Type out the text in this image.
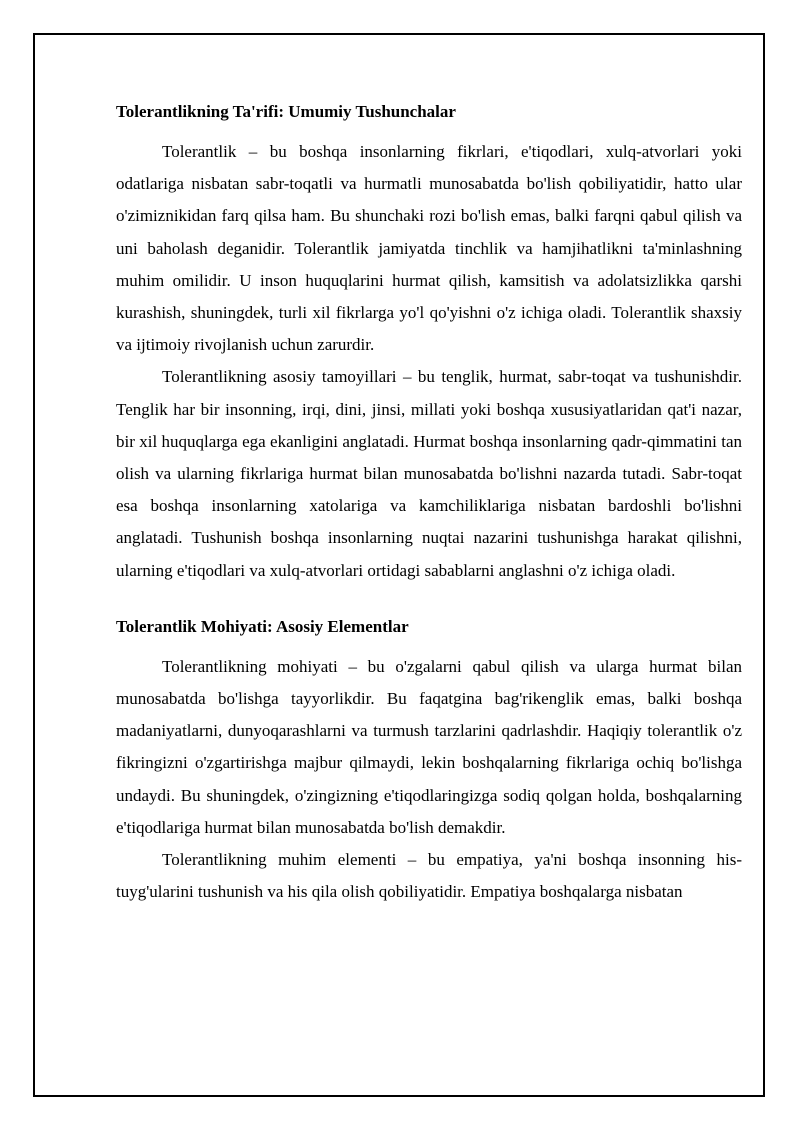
Tolerantlikning Ta'rifi: Umumiy Tushunchalar

Tolerantlik – bu boshqa insonlarning fikrlari, e'tiqodlari, xulq-atvorlari yoki odatlariga nisbatan sabr-toqatli va hurmatli munosabatda bo'lish qobiliyatidir, hatto ular o'zimiznikidan farq qilsa ham. Bu shunchaki rozi bo'lish emas, balki farqni qabul qilish va uni baholash deganidir. Tolerantlik jamiyatda tinchlik va hamjihatlikni ta'minlashning muhim omilidir. U inson huquqlarini hurmat qilish, kamsitish va adolatsizlikka qarshi kurashish, shuningdek, turli xil fikrlarga yo'l qo'yishni o'z ichiga oladi. Tolerantlik shaxsiy va ijtimoiy rivojlanish uchun zarurdir.

Tolerantlikning asosiy tamoyillari – bu tenglik, hurmat, sabr-toqat va tushunishdir. Tenglik har bir insonning, irqi, dini, jinsi, millati yoki boshqa xususiyatlaridan qat'i nazar, bir xil huquqlarga ega ekanligini anglatadi. Hurmat boshqa insonlarning qadr-qimmatini tan olish va ularning fikrlariga hurmat bilan munosabatda bo'lishni nazarda tutadi. Sabr-toqat esa boshqa insonlarning xatolariga va kamchiliklariga nisbatan bardoshli bo'lishni anglatadi. Tushunish boshqa insonlarning nuqtai nazarini tushunishga harakat qilishni, ularning e'tiqodlari va xulq-atvorlari ortidagi sabablarni anglashni o'z ichiga oladi.

Tolerantlik Mohiyati: Asosiy Elementlar

Tolerantlikning mohiyati – bu o'zgalarni qabul qilish va ularga hurmat bilan munosabatda bo'lishga tayyorlikdir. Bu faqatgina bag'rikenglik emas, balki boshqa madaniyatlarni, dunyoqarashlarni va turmush tarzlarini qadrlashdir. Haqiqiy tolerantlik o'z fikringizni o'zgartirishga majbur qilmaydi, lekin boshqalarning fikrlariga ochiq bo'lishga undaydi. Bu shuningdek, o'zingizning e'tiqodlaringizga sodiq qolgan holda, boshqalarning e'tiqodlariga hurmat bilan munosabatda bo'lish demakdir.

Tolerantlikning muhim elementi – bu empatiya, ya'ni boshqa insonning his-tuyg'ularini tushunish va his qila olish qobiliyatidir. Empatiya boshqalarga nisbatan
